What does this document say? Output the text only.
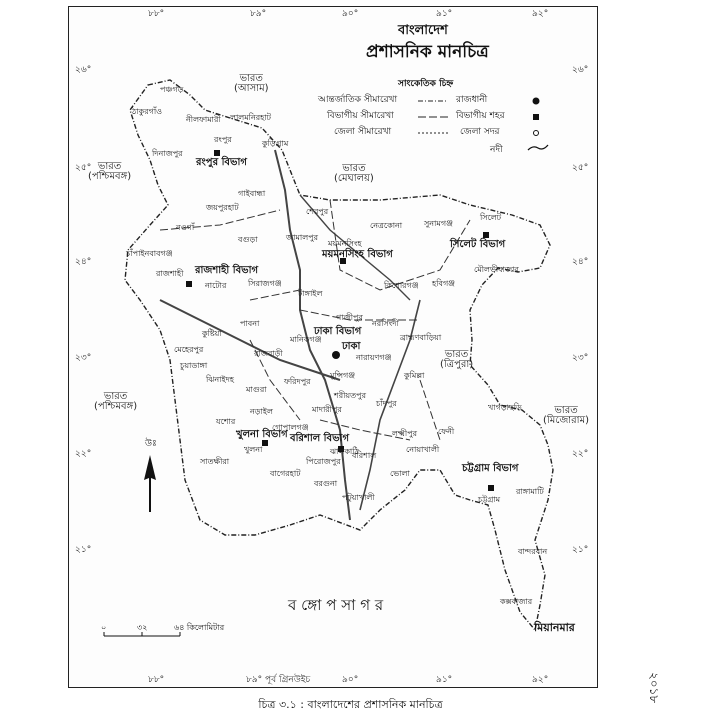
বাংলাদেশ
প্রশাসনিক মানচিত্র
সাংকেতিক চিহ্ন
আন্তর্জাতিক সীমারেখা
বিভাগীয় সীমারেখা
জেলা সীমারেখা
রাজধানী
বিভাগীয় শহর
জেলা সদর
নদী
৮৮°	৮৯°	৯০°	৯১°	৯২°
৮৮°	৮৯° পূর্ব গ্রিনউইচ	৯০°	৯১°	৯২°
২৬°
২৫°
২৪°
২৩°
২২°
২১°
২৬°
২৫°
২৪°
২৩°
২২°
২১°
ভারত
(আসাম)
ভারত
(মেঘালয়)
ভারত
(পশ্চিমবঙ্গ)
ভারত
(পশ্চিমবঙ্গ)
ভারত
(ত্রিপুরা)
ভারত
(মিজোরাম)
মিয়ানমার
ব ঙ্গো প সা গ র
রংপুর বিভাগ
রাজশাহী বিভাগ
ময়মনসিংহ বিভাগ
সিলেট বিভাগ
ঢাকা বিভাগ
ঢাকা
খুলনা বিভাগ বরিশাল বিভাগ
চট্টগ্রাম বিভাগ
পঞ্চগড়
ঠাকুরগাঁও
নীলফামারী লালমনিরহাট
কুড়িগ্রাম
দিনাজপুর
রংপুর
গাইবান্ধা
জয়পুরহাট
নওগাঁ
বগুড়া	জামালপুর
শেরপুর
নেত্রকোনা	সুনামগঞ্জ
সিলেট
চাঁপাইনবাবগঞ্জ
রাজশাহী
নাটোর	সিরাজগঞ্জ
টাঙ্গাইল
ময়মনসিংহ
কিশোরগঞ্জ হবিগঞ্জ
মৌলভীবাজার
পাবনা
গাজীপুর
নরসিংদী
কুষ্টিয়া
মেহেরপুর
চুয়াডাঙ্গা
রাজবাড়ী
মানিকগঞ্জ
নারায়ণগঞ্জ
ব্রাহ্মণবাড়িয়া
ঝিনাইদহ
মাগুরা
ফরিদপুর
মুন্সিগঞ্জ	কুমিল্লা
যশোর
নড়াইল	মাদারীপুর
চাঁদপুর
গোপালগঞ্জ
শরীয়তপুর
লক্ষ্মীপুর	ফেনী
খুলনা
বাগেরহাট
পিরোজপুর
ঝালকাঠি
বরিশাল
ভোলা
নোয়াখালী
সাতক্ষীরা
বরগুনা
পটুয়াখালী	চট্টগ্রাম
খাগড়াছড়ি
রাঙ্গামাটি
বান্দরবান
কক্সবাজার
উঃ
০	৩২	৬৪ কিলোমিটার
চিত্র ৩.১ : বাংলাদেশের প্রশাসনিক মানচিত্র
২০১৮
